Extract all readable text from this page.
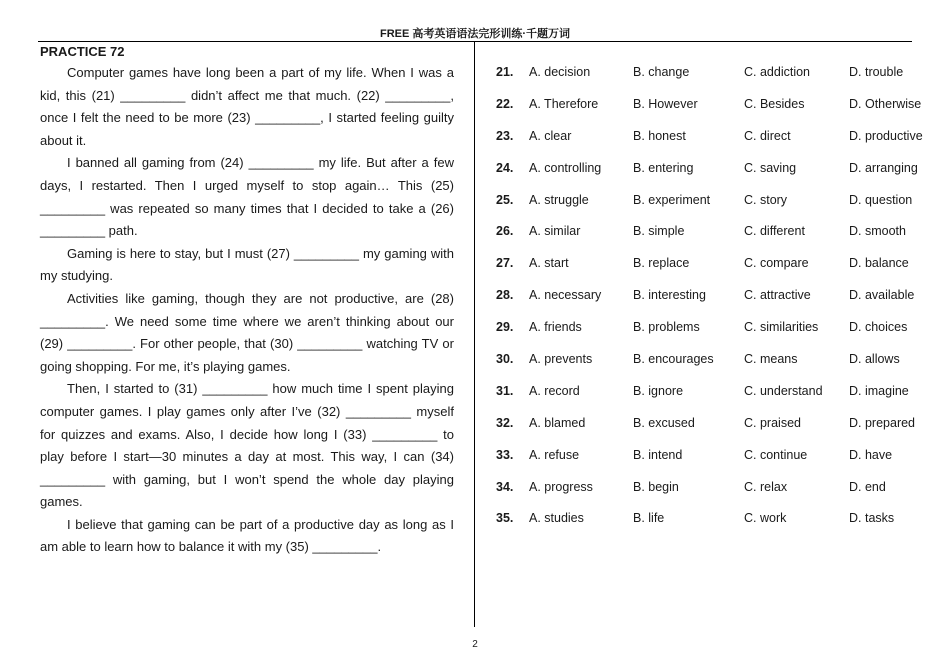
FREE 高考英语语法完形训练·千题万词
PRACTICE 72

Computer games have long been a part of my life. When I was a kid, this (21) _________ didn’t affect me that much. (22) _________, once I felt the need to be more (23) _________, I started feeling guilty about it.

I banned all gaming from (24) _________ my life. But after a few days, I restarted. Then I urged myself to stop again… This (25) _________ was repeated so many times that I decided to take a (26) _________ path.

Gaming is here to stay, but I must (27) _________ my gaming with my studying.

Activities like gaming, though they are not productive, are (28) _________. We need some time where we aren’t thinking about our (29) _________. For other people, that (30) _________ watching TV or going shopping. For me, it’s playing games.

Then, I started to (31) _________ how much time I spent playing computer games. I play games only after I’ve (32) _________ myself for quizzes and exams. Also, I decide how long I (33) _________ to play before I start—30 minutes a day at most. This way, I can (34) _________ with gaming, but I won’t spend the whole day playing games.

I believe that gaming can be part of a productive day as long as I am able to learn how to balance it with my (35) _________.

21. A. decision	B. change	C. addiction	D. trouble
22. A. Therefore	B. However	C. Besides	D. Otherwise
23. A. clear	B. honest	C. direct	D. productive
24. A. controlling	B. entering	C. saving	D. arranging
25. A. struggle	B. experiment	C. story	D. question
26. A. similar	B. simple	C. different	D. smooth
27. A. start	B. replace	C. compare	D. balance
28. A. necessary	B. interesting	C. attractive	D. available
29. A. friends	B. problems	C. similarities D. choices
30. A. prevents	B. encourages C. means	D. allows
31. A. record	B. ignore	C. understand D. imagine
32. A. blamed	B. excused	C. praised	D. prepared
33. A. refuse	B. intend	C. continue	D. have
34. A. progress	B. begin	C. relax	D. end
35. A. studies	B. life	C. work	D. tasks
2
